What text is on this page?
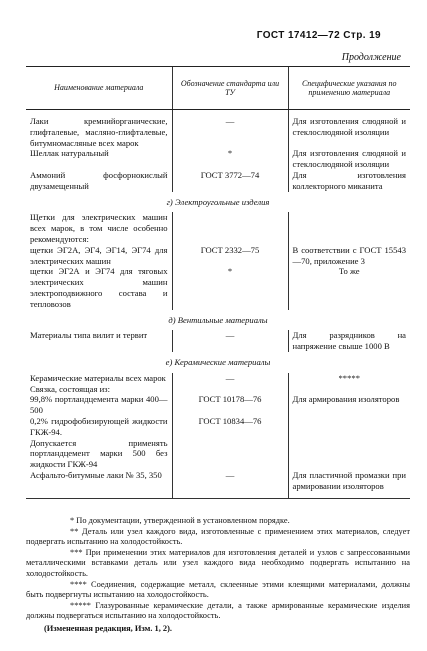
ГОСТ 17412—72 Стр. 19
Продолжение
Наименование материала	Обозначение стандарта или ТУ	Специфические указания по применению материала

Лаки кремнийорганические, глифталевые, масляно-глифталевые, битумномасляные всех марок	—	Для изготовления слюдяной и стеклослюдяной изоляции
Шеллак натуральный	*	Для изготовления слюдяной и стеклослюдяной изоляции
Аммоний фосфорнокислый двузамещенный	ГОСТ 3772—74	Для изготовления коллекторного миканита
г) Электроугольные изделия		
Щетки для электрических машин всех марок, в том числе особенно рекомендуются:		
щетки ЭГ2А, ЭГ4, ЭГ14, ЭГ74 для электрических машин	ГОСТ 2332—75	В соответствии с ГОСТ 15543—70, приложение 3
щетки ЭГ2А и ЭГ74 для тяговых электрических машин электроподвижного состава и тепловозов	*	То же
д) Вентильные материалы		
Материалы типа вилит и тервит	—	Для разрядников на напряжение свыше 1000 В
е) Керамические материалы		
Керамические материалы всех марок	—	*****
Связка, состоящая из:		
99,8% портландцемента марки 400—500	ГОСТ 10178—76	Для армирования изоляторов
0,2% гидрофобизирующей жидкости ГКЖ-94.	ГОСТ 10834—76	
Допускается применять портландцемент марки 500 без жидкости ГКЖ-94		
Асфальто-битумные лаки № 35, 350	—	Для пластичной промазки при армировании изоляторов

* По документации, утвержденной в установленном порядке.

** Деталь или узел каждого вида, изготовленные с применением этих материалов, следует подвергать испытанию на холодостойкость.

*** При применении этих материалов для изготовления деталей и узлов с запрессованными металлическими вставками деталь или узел каждого вида необходимо подвергать испытанию на холодостойкость.

**** Соединения, содержащие металл, склеенные этими клеящими материалами, должны быть подвергнуты испытанию на холодостойкость.

***** Глазурованные керамические детали, а также армированные керамические изделия должны подвергаться испытанию на холодостойкость.

(Измененная редакция, Изм. 1, 2).
